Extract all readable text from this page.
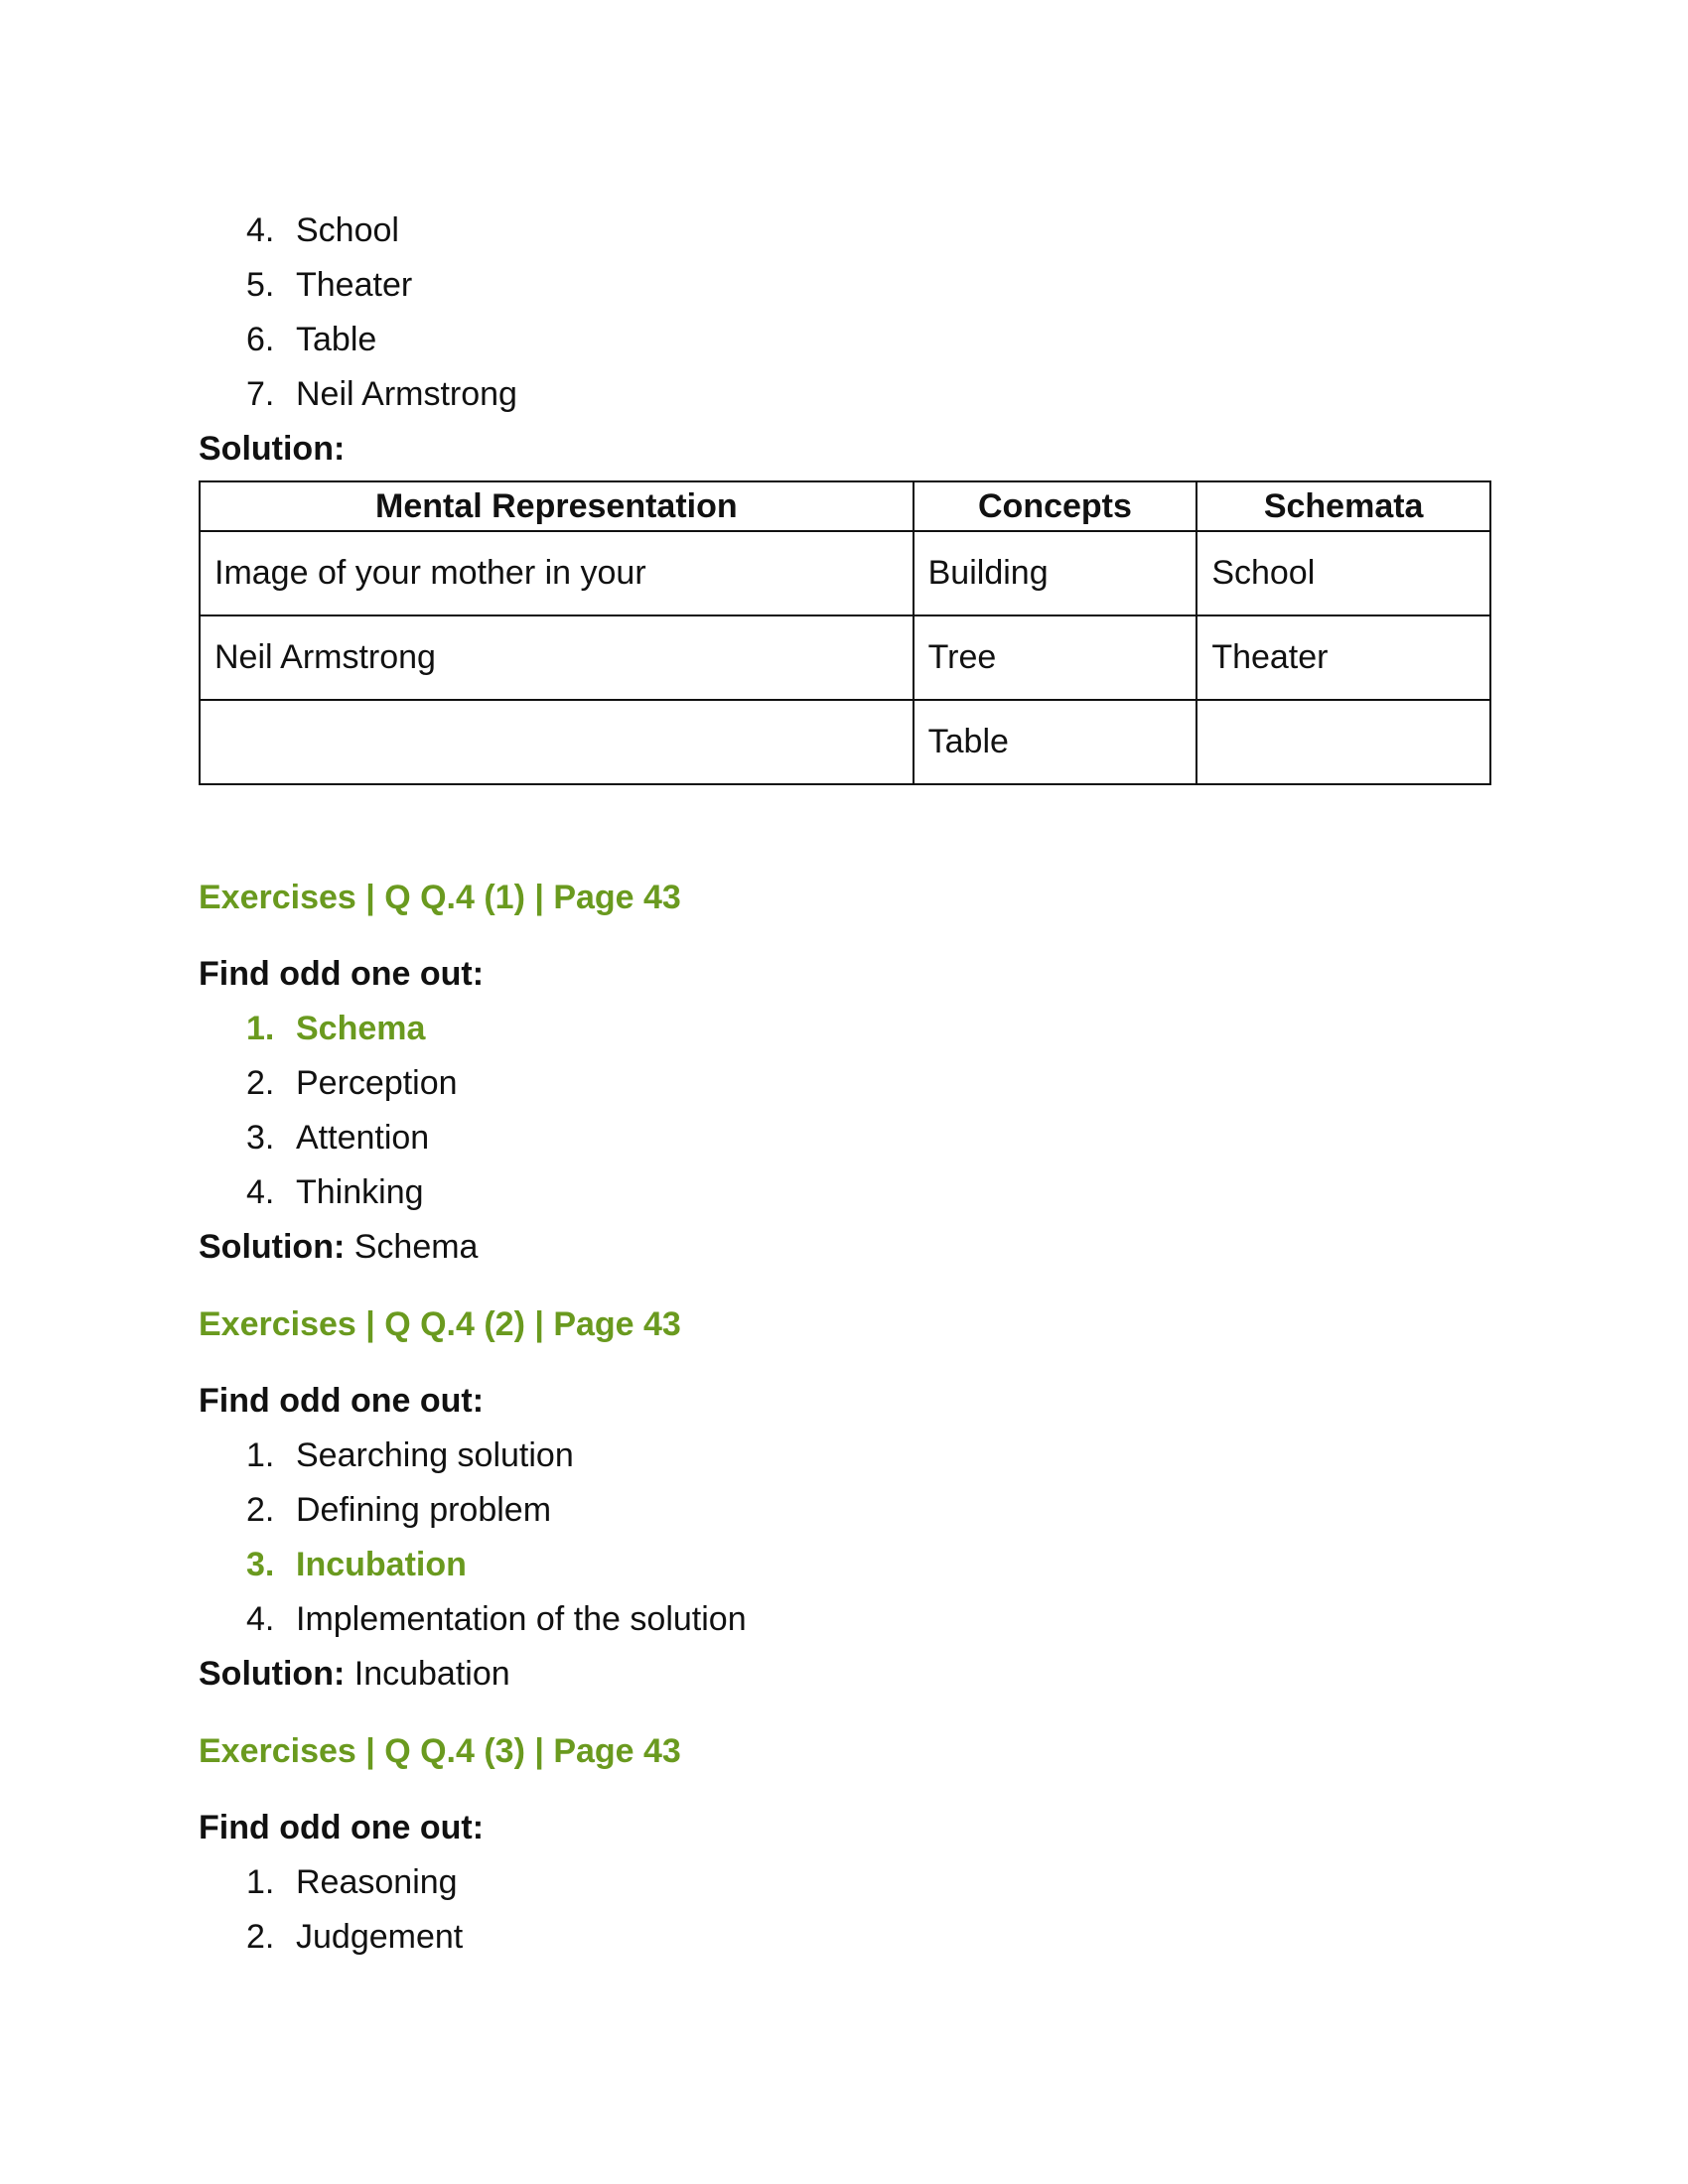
4. School
5. Theater
6. Table
7. Neil Armstrong
Solution:
Mental Representation	Concepts	Schemata
Image of your mother in your	Building	School
Neil Armstrong	Tree	Theater
	Table	
Exercises | Q Q.4 (1) | Page 43
Find odd one out:
1. Schema
2. Perception
3. Attention
4. Thinking
Solution: Schema
Exercises | Q Q.4 (2) | Page 43
Find odd one out:
1. Searching solution
2. Defining problem
3. Incubation
4. Implementation of the solution
Solution: Incubation
Exercises | Q Q.4 (3) | Page 43
Find odd one out:
1. Reasoning
2. Judgement
